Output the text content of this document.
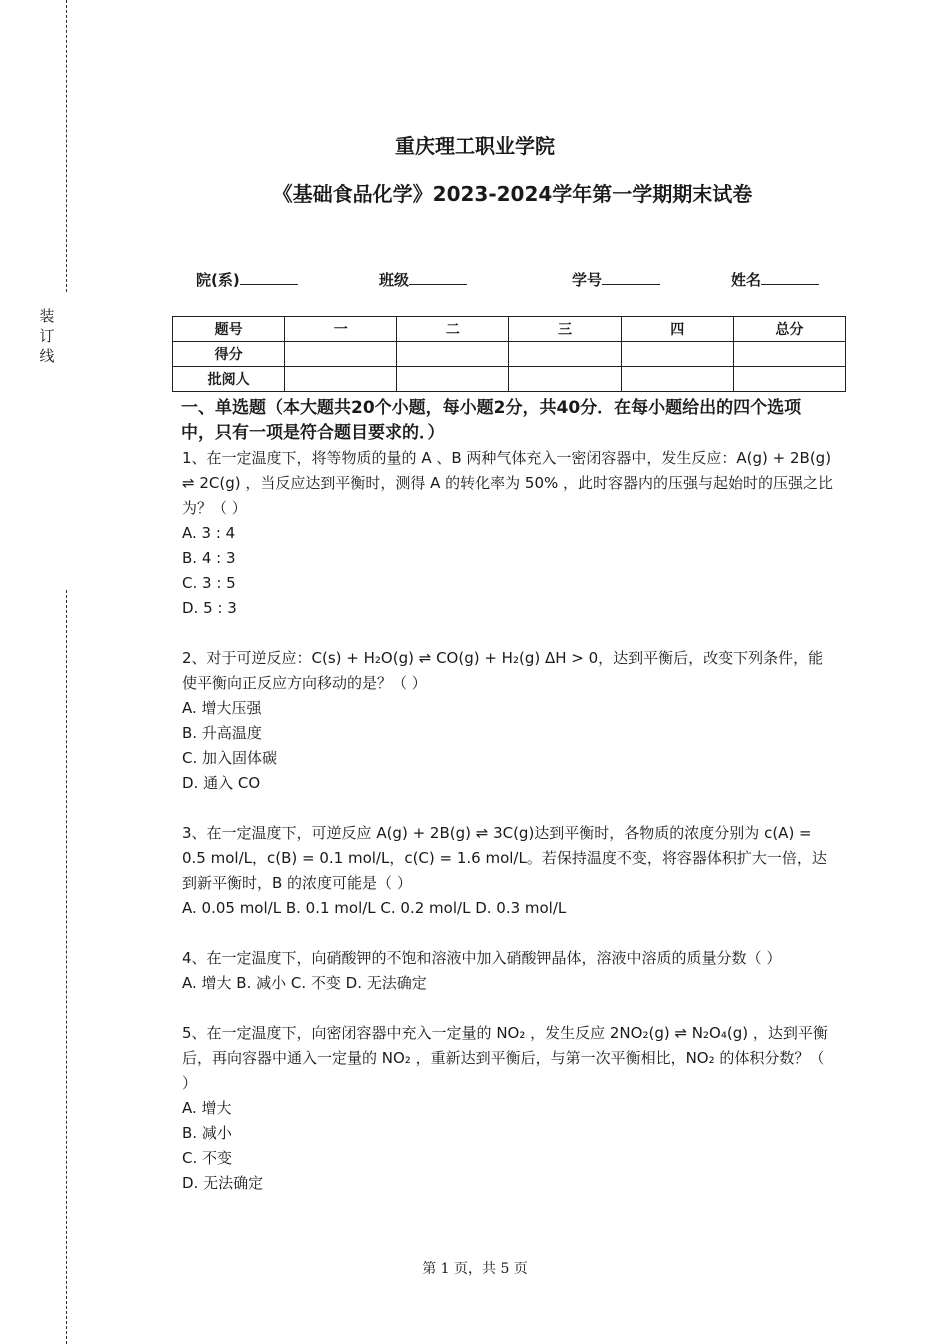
装
订
线
重庆理工职业学院
《基础食品化学》2023-2024学年第一学期期末试卷
院(系)	班级	学号	姓名
题号	一	二	三	四	总分
得分					
批阅人					
一、单选题（本大题共20个小题，每小题2分，共40分．在每小题给出的四个选项中，只有一项是符合题目要求的．）

1、在一定温度下，将等物质的量的 A 、B 两种气体充入一密闭容器中，发生反应：A(g) + 2B(g) ⇌ 2C(g) ，当反应达到平衡时，测得 A 的转化率为 50% ，此时容器内的压强与起始时的压强之比为？（ ）

A. 3 : 4

B. 4 : 3

C. 3 : 5

D. 5 : 3

2、对于可逆反应：C(s) + H₂O(g) ⇌ CO(g) + H₂(g) ΔH > 0，达到平衡后，改变下列条件，能使平衡向正反应方向移动的是？（ ）

A. 增大压强

B. 升高温度

C. 加入固体碳

D. 通入 CO

3、在一定温度下，可逆反应 A(g) + 2B(g) ⇌ 3C(g)达到平衡时，各物质的浓度分别为 c(A) = 0.5 mol/L，c(B) = 0.1 mol/L，c(C) = 1.6 mol/L。若保持温度不变，将容器体积扩大一倍，达到新平衡时，B 的浓度可能是（ ）

A. 0.05 mol/L B. 0.1 mol/L C. 0.2 mol/L D. 0.3 mol/L

4、在一定温度下，向硝酸钾的不饱和溶液中加入硝酸钾晶体，溶液中溶质的质量分数（ ）

A. 增大 B. 减小 C. 不变 D. 无法确定

5、在一定温度下，向密闭容器中充入一定量的 NO₂ ，发生反应 2NO₂(g) ⇌ N₂O₄(g) ，达到平衡后，再向容器中通入一定量的 NO₂ ，重新达到平衡后，与第一次平衡相比，NO₂ 的体积分数？（ ）

A. 增大

B. 减小

C. 不变

D. 无法确定

第 1 页，共 5 页
